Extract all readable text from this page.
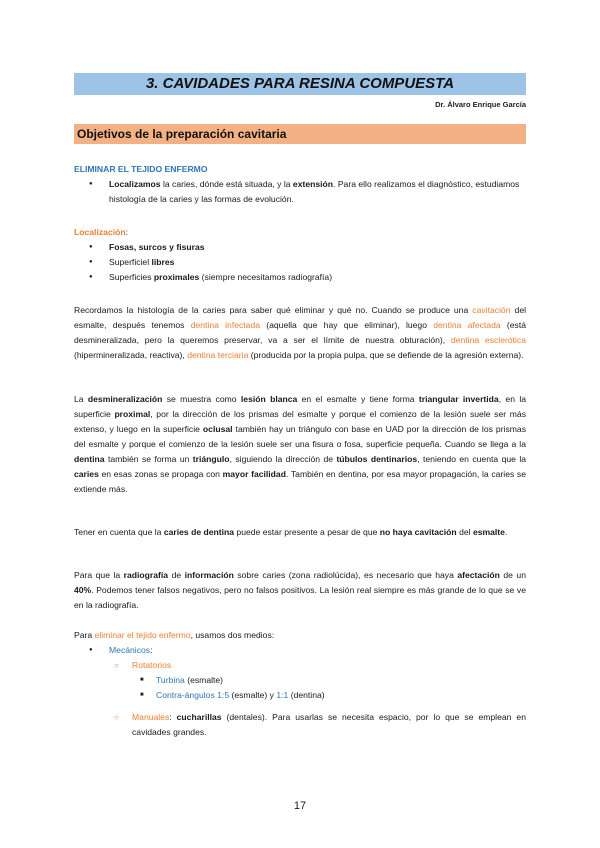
3. CAVIDADES PARA RESINA COMPUESTA
Dr. Álvaro Enrique García
Objetivos de la preparación cavitaria
ELIMINAR EL TEJIDO ENFERMO
● Localizamos la caries, dónde está situada, y la extensión. Para ello realizamos el diagnóstico, estudiamos histología de la caries y las formas de evolución.
Localización:
● Fosas, surcos y fisuras
● Superficiel libres
● Superficies proximales (siempre necesitamos radiografía)
Recordamos la histología de la caries para saber qué eliminar y qué no. Cuando se produce una cavitación del esmalte, después tenemos dentina infectada (aquella que hay que eliminar), luego dentina afectada (está desmineralizada, pero la queremos preservar, va a ser el límite de nuestra obturación), dentina esclerótica (hipermineralizada, reactiva), dentina terciaria (producida por la propia pulpa, que se defiende de la agresión externa).
La desmineralización se muestra como lesión blanca en el esmalte y tiene forma triangular invertida, en la superficie proximal, por la dirección de los prismas del esmalte y porque el comienzo de la lesión suele ser más extenso, y luego en la superficie oclusal también hay un triángulo con base en UAD por la dirección de los prismas del esmalte y porque el comienzo de la lesión suele ser una fisura o fosa, superficie pequeña. Cuando se llega a la dentina también se forma un triángulo, siguiendo la dirección de túbulos dentinarios, teniendo en cuenta que la caries en esas zonas se propaga con mayor facilidad. También en dentina, por esa mayor propagación, la caries se extiende más.
Tener en cuenta que la caries de dentina puede estar presente a pesar de que no haya cavitación del esmalte.
Para que la radiografía de información sobre caries (zona radiolúcida), es necesario que haya afectación de un 40%. Podemos tener falsos negativos, pero no falsos positivos. La lesión real siempre es más grande de lo que se ve en la radiografía.
Para eliminar el tejido enfermo, usamos dos medios:
● Mecánicos:
○ Rotatorios
■ Turbina (esmalte)
■ Contra-ángulos 1:5 (esmalte) y 1:1 (dentina)
○ Manuales: cucharillas (dentales). Para usarlas se necesita espacio, por lo que se emplean en cavidades grandes.
17
